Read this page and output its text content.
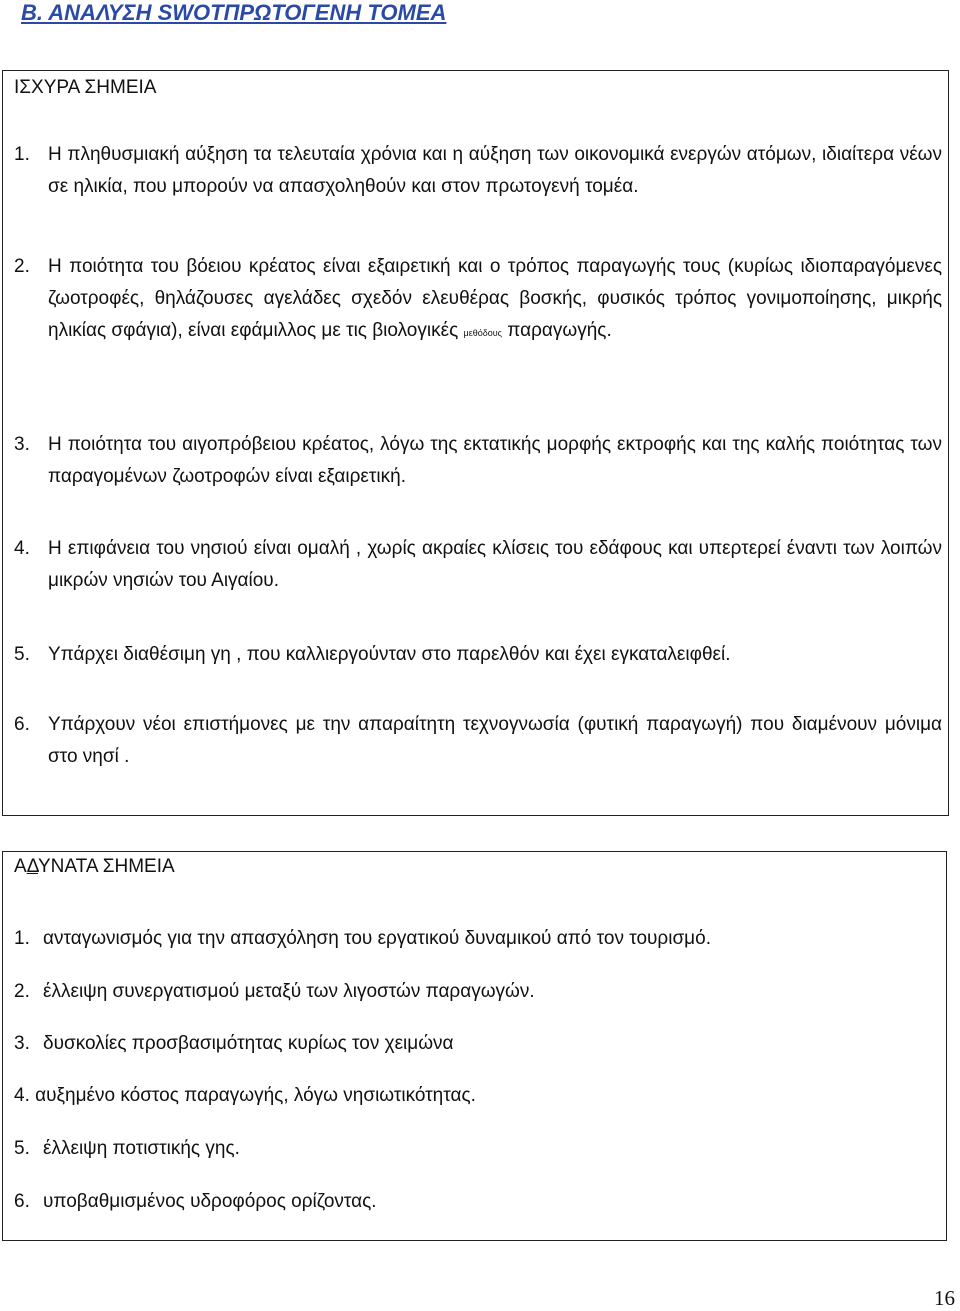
Β. ΑΝΑΛΥΣΗ SWOTΠΡΩΤΟΓΕΝΗ ΤΟΜΕΑ
ΙΣΧΥΡΑ ΣΗΜΕΙΑ
1. Η πληθυσμιακή αύξηση τα τελευταία χρόνια και η αύξηση των οικονομικά ενεργών ατόμων, ιδιαίτερα νέων σε ηλικία, που μπορούν να απασχοληθούν και στον πρωτογενή τομέα.
2. Η ποιότητα του βόειου κρέατος είναι εξαιρετική και ο τρόπος παραγωγής τους (κυρίως ιδιοπαραγόμενες ζωοτροφές, θηλάζουσες αγελάδες σχεδόν ελευθέρας βοσκής, φυσικός τρόπος γονιμοποίησης, μικρής ηλικίας σφάγια), είναι εφάμιλλος με τις βιολογικές μεθόδους παραγωγής.
3. Η ποιότητα του αιγοπρόβειου κρέατος, λόγω της εκτατικής μορφής εκτροφής και της καλής ποιότητας των παραγομένων ζωοτροφών είναι εξαιρετική.
4. Η επιφάνεια του νησιού είναι ομαλή , χωρίς ακραίες κλίσεις του εδάφους και υπερτερεί έναντι των λοιπών μικρών νησιών του Αιγαίου.
5. Υπάρχει διαθέσιμη γη , που καλλιεργούνταν στο παρελθόν και έχει εγκαταλειφθεί.
6. Υπάρχουν νέοι επιστήμονες με την απαραίτητη τεχνογνωσία (φυτική παραγωγή) που διαμένουν μόνιμα στο νησί .
ΑΔΥΝΑΤΑ ΣΗΜΕΙΑ
1. ανταγωνισμός για την απασχόληση του εργατικού δυναμικού από τον τουρισμό.
2. έλλειψη συνεργατισμού μεταξύ των λιγοστών παραγωγών.
3. δυσκολίες προσβασιμότητας κυρίως τον χειμώνα
4. αυξημένο κόστος παραγωγής, λόγω νησιωτικότητας.
5. έλλειψη ποτιστικής γης.
6. υποβαθμισμένος υδροφόρος ορίζοντας.
16
